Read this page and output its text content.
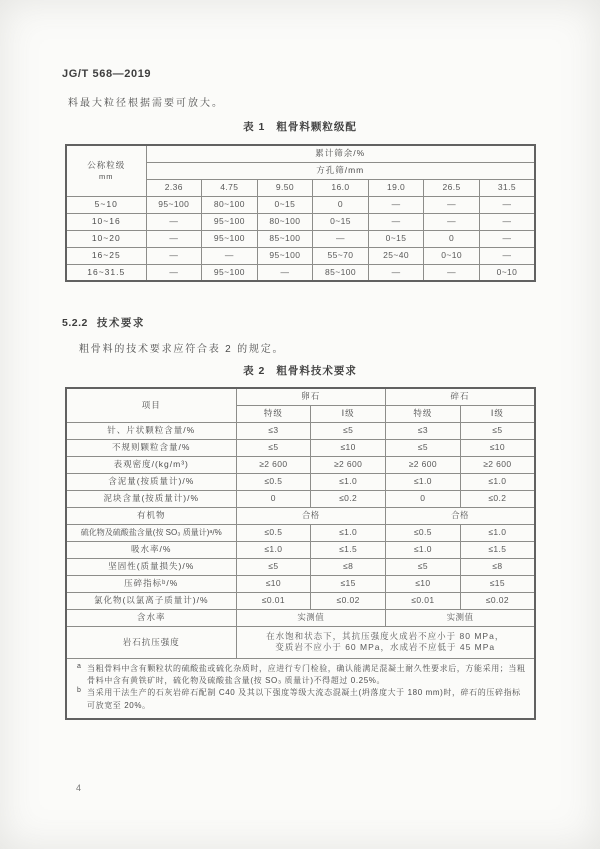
JG/T 568—2019
料最大粒径根据需要可放大。
表 1 粗骨料颗粒级配
公称粒级
mm	累计筛余/%						
	方孔筛/mm						
	2.36	4.75	9.50	16.0	19.0	26.5	31.5
5~10	95~100	80~100	0~15	0	—	—	—
10~16	—	95~100	80~100	0~15	—	—	—
10~20	—	95~100	85~100	—	0~15	0	—
16~25	—	—	95~100	55~70	25~40	0~10	—
16~31.5	—	95~100	—	85~100	—	—	0~10
5.2.2 技术要求
粗骨料的技术要求应符合表 2 的规定。
表 2 粗骨料技术要求
项目	卵石		碎石	
	特级	Ⅰ级	特级	Ⅰ级
针、片状颗粒含量/%	≤3	≤5	≤3	≤5
不规则颗粒含量/%	≤5	≤10	≤5	≤10
表观密度/(kg/m³)	≥2 600	≥2 600	≥2 600	≥2 600
含泥量(按质量计)/%	≤0.5	≤1.0	≤1.0	≤1.0
泥块含量(按质量计)/%	0	≤0.2	0	≤0.2
有机物	合格		合格	
硫化物及硫酸盐含量(按 SO₃ 质量计)ᵃ/%	≤0.5	≤1.0	≤0.5	≤1.0
吸水率/%	≤1.0	≤1.5	≤1.0	≤1.5
坚固性(质量损失)/%	≤5	≤8	≤5	≤8
压碎指标ᵇ/%	≤10	≤15	≤10	≤15
氯化物(以氯离子质量计)/%	≤0.01	≤0.02	≤0.01	≤0.02
含水率	实测值		实测值	
岩石抗压强度	在水饱和状态下，其抗压强度火成岩不应小于 80 MPa，
变质岩不应小于 60 MPa，水成岩不应低于 45 MPa			

a 当粗骨料中含有颗粒状的硫酸盐或硫化杂质时，应进行专门检验，确认能满足混凝土耐久性要求后，方能采用；当粗骨料中含有黄铁矿时，硫化物及硫酸盐含量(按 SO₃ 质量计)不得超过 0.25%。
b 当采用干法生产的石灰岩碎石配制 C40 及其以下强度等级大流态混凝土(坍落度大于 180 mm)时，碎石的压碎指标可放宽至 20%。				
4
